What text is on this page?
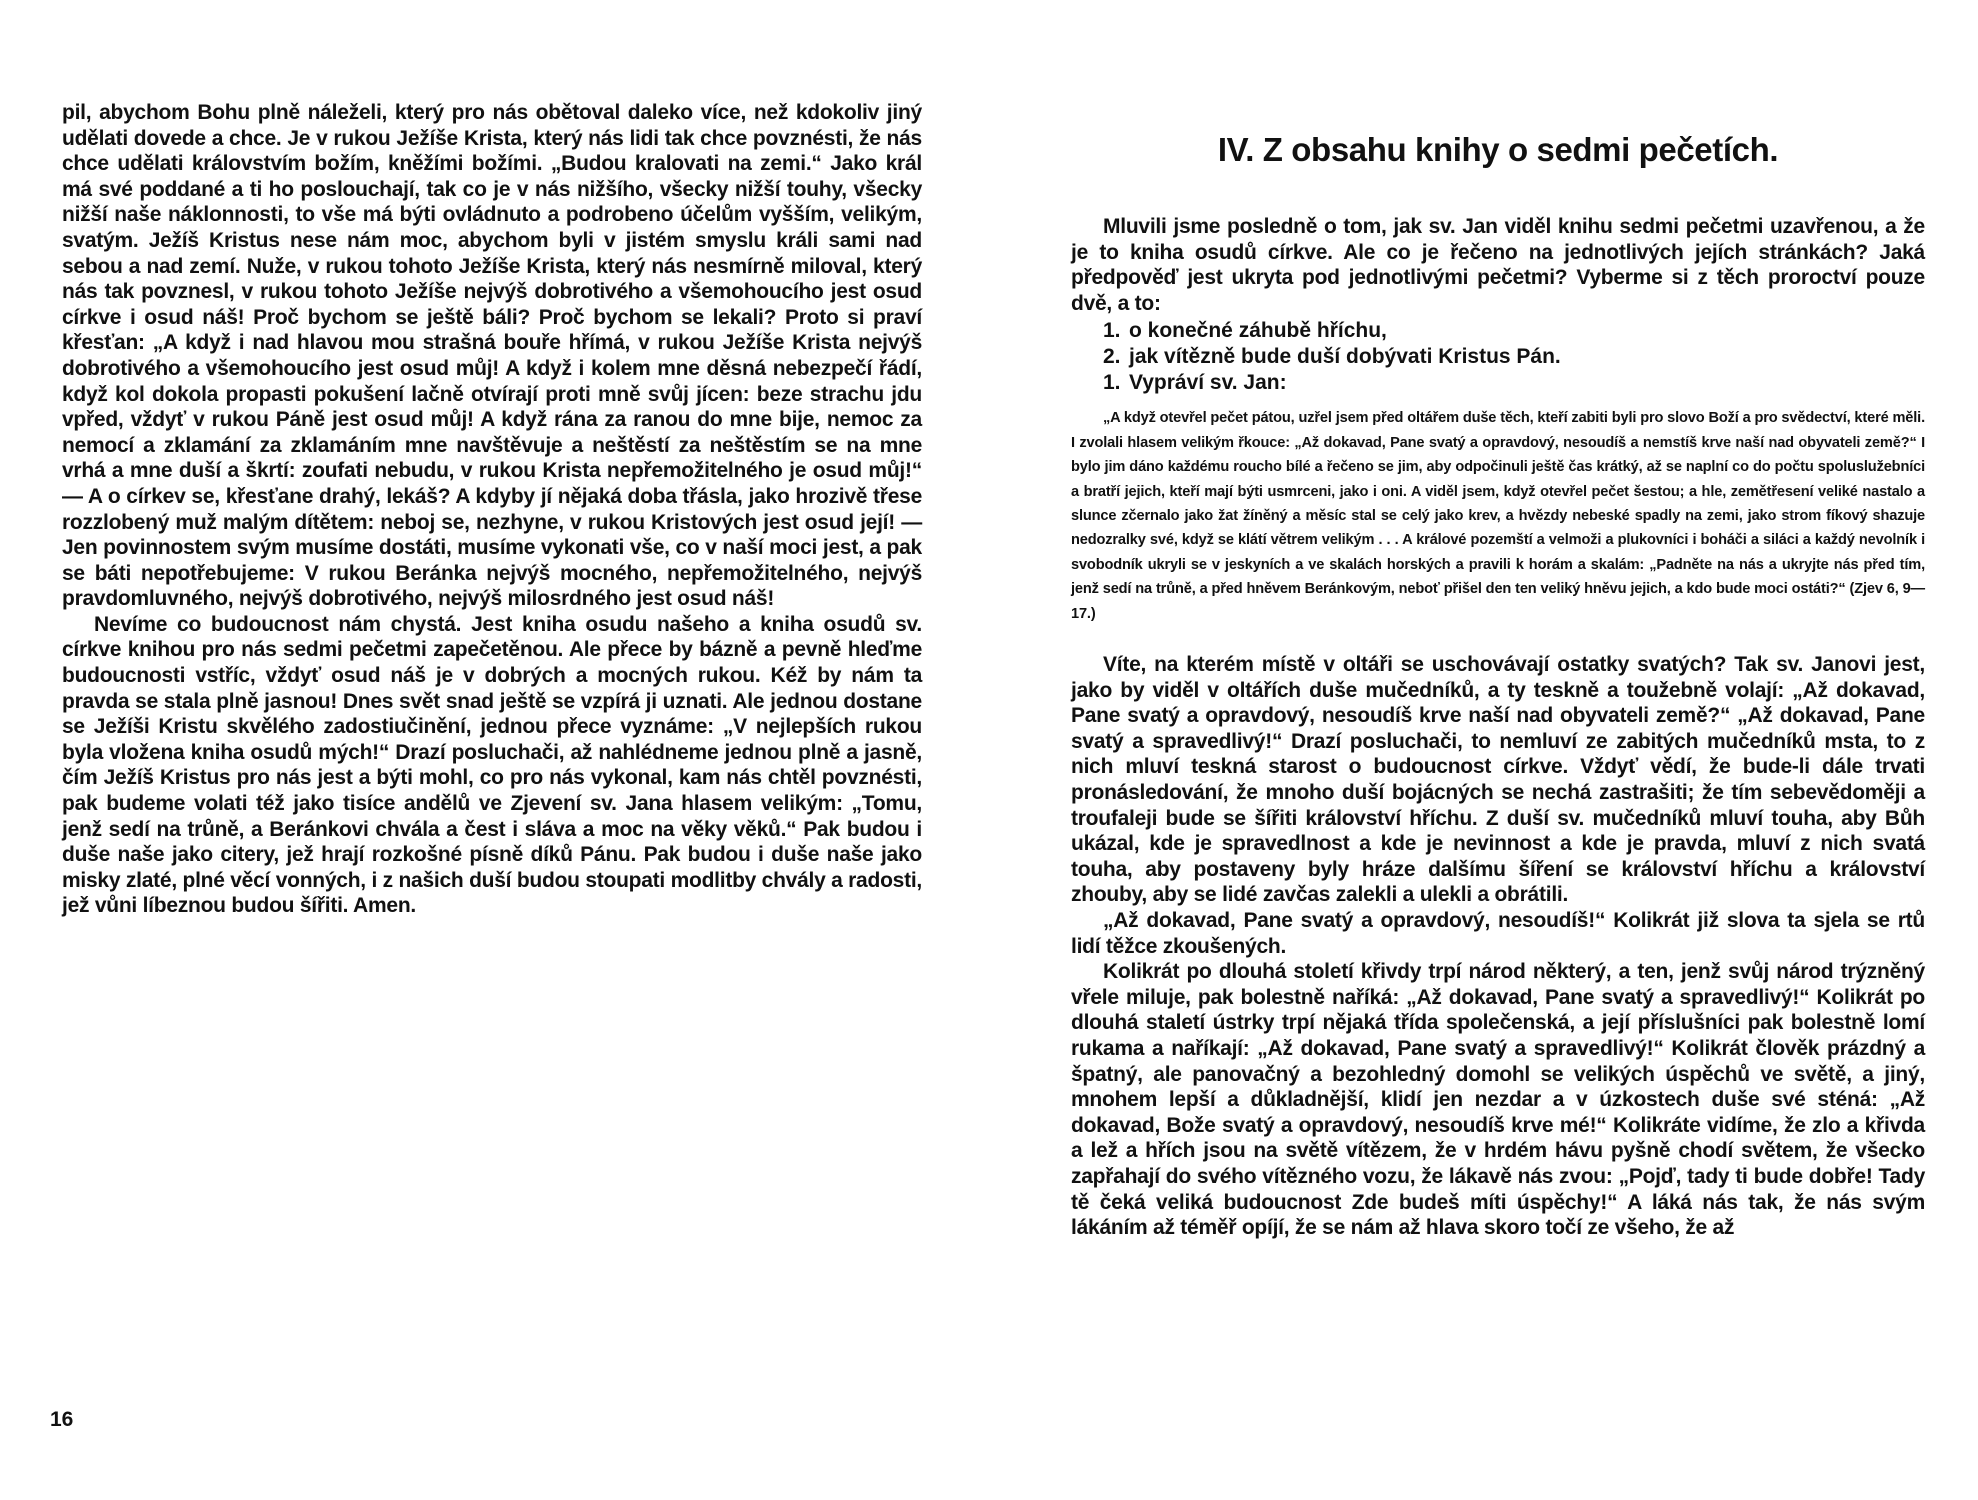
pil, abychom Bohu plně náleželi, který pro nás obětoval daleko více, než kdokoliv jiný udělati dovede a chce. Je v rukou Ježíše Krista, který nás lidi tak chce povznésti, že nás chce udělati královstvím božím, kněžími božími. „Budou kralovati na zemi.“ Jako král má své poddané a ti ho poslouchají, tak co je v nás nižšího, všecky nižší touhy, všecky nižší naše náklonnosti, to vše má býti ovládnuto a podrobeno účelům vyšším, velikým, svatým. Ježíš Kristus nese nám moc, abychom byli v jistém smyslu králi sami nad sebou a nad zemí. Nuže, v rukou tohoto Ježíše Krista, který nás nesmírně miloval, který nás tak povznesl, v rukou tohoto Ježíše nejvýš dobrotivého a všemohoucího jest osud církve i osud náš! Proč bychom se ještě báli? Proč bychom se lekali? Proto si praví křesťan: „A když i nad hlavou mou strašná bouře hřímá, v rukou Ježíše Krista nejvýš dobrotivého a všemohoucího jest osud můj! A když i kolem mne děsná nebezpečí řádí, když kol dokola propasti pokušení lačně otvírají proti mně svůj jícen: beze strachu jdu vpřed, vždyť v rukou Páně jest osud můj! A když rána za ranou do mne bije, nemoc za nemocí a zklamání za zklamáním mne navštěvuje a neštěstí za neštěstím se na mne vrhá a mne duší a škrtí: zoufati nebudu, v rukou Krista nepřemožitelného je osud můj!“ — A o církev se, křesťane drahý, lekáš? A kdyby jí nějaká doba třásla, jako hrozivě třese rozzlobený muž malým dítětem: neboj se, nezhyne, v rukou Kristových jest osud její! — Jen povinnostem svým musíme dostáti, musíme vykonati vše, co v naší moci jest, a pak se báti nepotřebujeme: V rukou Beránka nejvýš mocného, nepřemožitelného, nejvýš pravdomluvného, nejvýš dobrotivého, nejvýš milosrdného jest osud náš!

Nevíme co budoucnost nám chystá. Jest kniha osudu našeho a kniha osudů sv. církve knihou pro nás sedmi pečetmi zapečetěnou. Ale přece by bázně a pevně hleďme budoucnosti vstříc, vždyť osud náš je v dobrých a mocných rukou. Kéž by nám ta pravda se stala plně jasnou! Dnes svět snad ještě se vzpírá ji uznati. Ale jednou dostane se Ježíši Kristu skvělého zadostiučinění, jednou přece vyznáme: „V nejlepších rukou byla vložena kniha osudů mých!“ Drazí posluchači, až nahlédneme jednou plně a jasně, čím Ježíš Kristus pro nás jest a býti mohl, co pro nás vykonal, kam nás chtěl povznésti, pak budeme volati též jako tisíce andělů ve Zjevení sv. Jana hlasem velikým: „Tomu, jenž sedí na trůně, a Beránkovi chvála a čest i sláva a moc na věky věků.“ Pak budou i duše naše jako citery, jež hrají rozkošné písně díků Pánu. Pak budou i duše naše jako misky zlaté, plné věcí vonných, i z našich duší budou stoupati modlitby chvály a radosti, jež vůni líbeznou budou šířiti. Amen.

16
IV. Z obsahu knihy o sedmi pečetích.

Mluvili jsme posledně o tom, jak sv. Jan viděl knihu sedmi pečetmi uzavřenou, a že je to kniha osudů církve. Ale co je řečeno na jednotlivých jejích stránkách? Jaká předpověď jest ukryta pod jednotlivými pečetmi? Vyberme si z těch proroctví pouze dvě, a to:

1. o konečné záhubě hříchu,
2. jak vítězně bude duší dobývati Kristus Pán.
1. Vypráví sv. Jan:

„A když otevřel pečet pátou, uzřel jsem před oltářem duše těch, kteří zabiti byli pro slovo Boží a pro svědectví, které měli. I zvolali hlasem velikým řkouce: „Až dokavad, Pane svatý a opravdový, nesoudíš a nemstíš krve naší nad obyvateli země?“ I bylo jim dáno každému roucho bílé a řečeno se jim, aby odpočinuli ještě čas krátký, až se naplní co do počtu spoluslužebníci a bratří jejich, kteří mají býti usmrceni, jako i oni. A viděl jsem, když otevřel pečet šestou; a hle, zemětřesení veliké nastalo a slunce zčernalo jako žat žíněný a měsíc stal se celý jako krev, a hvězdy nebeské spadly na zemi, jako strom fíkový shazuje nedozralky své, když se klátí větrem velikým . . . A králové pozemští a velmoži a plukovníci i boháči a siláci a každý nevolník i svobodník ukryli se v jeskyních a ve skalách horských a pravili k horám a skalám: „Padněte na nás a ukryjte nás před tím, jenž sedí na trůně, a před hněvem Beránkovým, neboť přišel den ten veliký hněvu jejich, a kdo bude moci ostáti?“ (Zjev 6, 9—17.)

Víte, na kterém místě v oltáři se uschovávají ostatky svatých? Tak sv. Janovi jest, jako by viděl v oltářích duše mučedníků, a ty teskně a toužebně volají: „Až dokavad, Pane svatý a opravdový, nesoudíš krve naší nad obyvateli země?“ „Až dokavad, Pane svatý a spravedlivý!“ Drazí posluchači, to nemluví ze zabitých mučedníků msta, to z nich mluví teskná starost o budoucnost církve. Vždyť vědí, že bude-li dále trvati pronásledování, že mnoho duší bojácných se nechá zastrašiti; že tím sebevědoměji a troufaleji bude se šířiti království hříchu. Z duší sv. mučedníků mluví touha, aby Bůh ukázal, kde je spravedlnost a kde je nevinnost a kde je pravda, mluví z nich svatá touha, aby postaveny byly hráze dalšímu šíření se království hříchu a království zhouby, aby se lidé zavčas zalekli a ulekli a obrátili.

„Až dokavad, Pane svatý a opravdový, nesoudíš!“ Kolikrát již slova ta sjela se rtů lidí těžce zkoušených.

Kolikrát po dlouhá století křivdy trpí národ některý, a ten, jenž svůj národ trýzněný vřele miluje, pak bolestně naříká: „Až dokavad, Pane svatý a spravedlivý!“ Kolikrát po dlouhá staletí ústrky trpí nějaká třída společenská, a její příslušníci pak bolestně lomí rukama a naříkají: „Až dokavad, Pane svatý a spravedlivý!“ Kolikrát člověk prázdný a špatný, ale panovačný a bezohledný domohl se velikých úspěchů ve světě, a jiný, mnohem lepší a důkladnější, klidí jen nezdar a v úzkostech duše své sténá: „Až dokavad, Bože svatý a opravdový, nesoudíš krve mé!“ Kolikráte vidíme, že zlo a křivda a lež a hřích jsou na světě vítězem, že v hrdém hávu pyšně chodí světem, že všecko zapřahají do svého vítězného vozu, že lákavě nás zvou: „Pojď, tady ti bude dobře! Tady tě čeká veliká budoucnost Zde budeš míti úspěchy!“ A láká nás tak, že nás svým lákáním až téměř opíjí, že se nám až hlava skoro točí ze všeho, že až
